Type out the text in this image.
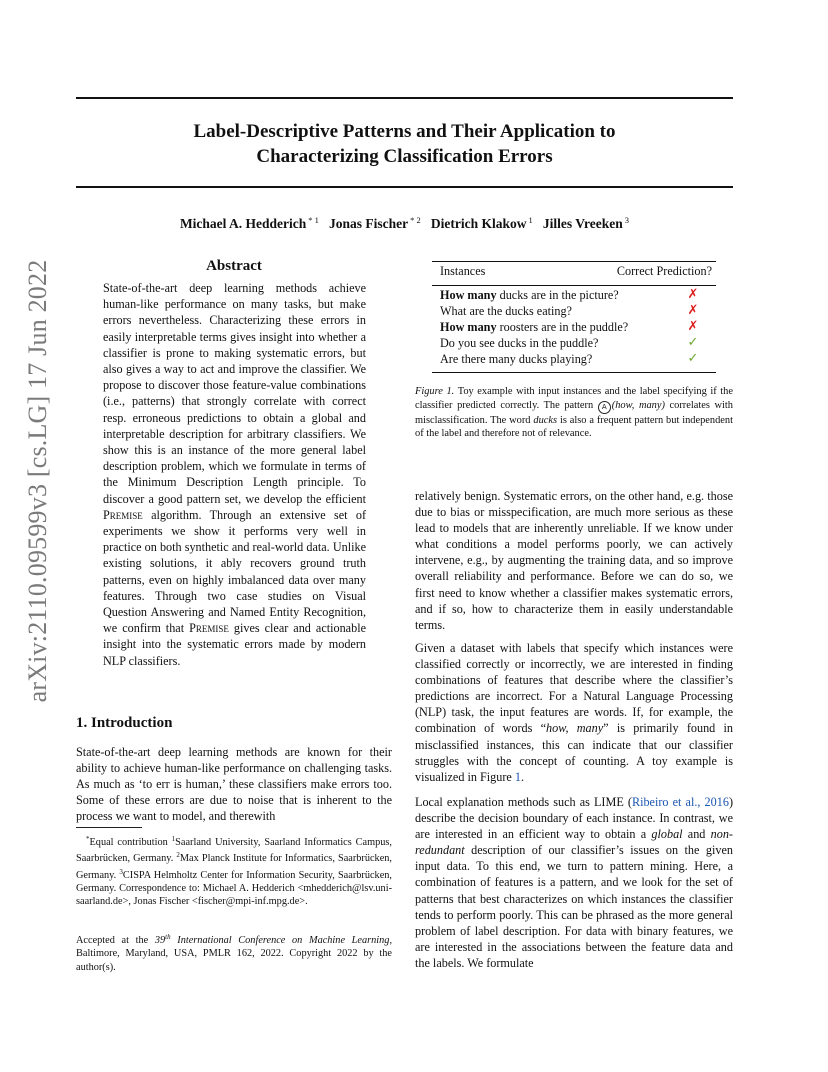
arXiv:2110.09599v3 [cs.LG] 17 Jun 2022
Label-Descriptive Patterns and Their Application to
Characterizing Classification Errors
Michael A. Hedderich $^{* 1}$ Jonas Fischer $^{* 2}$ Dietrich Klakow $^1$ Jilles Vreeken $^3$
Abstract
State-of-the-art deep learning methods achieve human-like performance on many tasks, but make errors nevertheless. Characterizing these errors in easily interpretable terms gives insight into whether a classifier is prone to making systematic errors, but also gives a way to act and improve the classifier. We propose to discover those feature-value combinations (i.e., patterns) that strongly correlate with correct resp. erroneous predictions to obtain a global and interpretable description for arbitrary classifiers. We show this is an instance of the more general label description problem, which we formulate in terms of the Minimum Description Length principle. To discover a good pattern set, we develop the efficient Premise algorithm. Through an extensive set of experiments we show it performs very well in practice on both synthetic and real-world data. Unlike existing solutions, it ably recovers ground truth patterns, even on highly imbalanced data over many features. Through two case studies on Visual Question Answering and Named Entity Recognition, we confirm that Premise gives clear and actionable insight into the systematic errors made by modern NLP classifiers.
1. Introduction
State-of-the-art deep learning methods are known for their ability to achieve human-like performance on challenging tasks. As much as ‘to err is human,’ these classifiers make errors too. Some of these errors are due to noise that is inherent to the process we want to model, and therewith
*Equal contribution $^1$Saarland University, Saarland Informatics Campus, Saarbrücken, Germany. $^2$Max Planck Institute for Informatics, Saarbrücken, Germany. $^3$CISPA Helmholtz Center for Information Security, Saarbrücken, Germany. Correspondence to: Michael A. Hedderich <mhedderich@lsv.uni-saarland.de>, Jonas Fischer <fischer@mpi-inf.mpg.de>.
Accepted at the 39th International Conference on Machine Learning, Baltimore, Maryland, USA, PMLR 162, 2022. Copyright 2022 by the author(s).
Instances	Correct Prediction?
How many ducks are in the picture?	✗
What are the ducks eating?	✗
How many roosters are in the puddle?	✗
Do you see ducks in the puddle?	✓
Are there many ducks playing?	✓
Figure 1. Toy example with input instances and the label specifying if the classifier predicted correctly. The pattern A (how, many) correlates with misclassification. The word ducks is also a frequent pattern but independent of the label and therefore not of relevance.
relatively benign. Systematic errors, on the other hand, e.g. those due to bias or misspecification, are much more serious as these lead to models that are inherently unreliable. If we know under what conditions a model performs poorly, we can actively intervene, e.g., by augmenting the training data, and so improve overall reliability and performance. Before we can do so, we first need to know whether a classifier makes systematic errors, and if so, how to characterize them in easily understandable terms.
Given a dataset with labels that specify which instances were classified correctly or incorrectly, we are interested in finding combinations of features that describe where the classifier’s predictions are incorrect. For a Natural Language Processing (NLP) task, the input features are words. If, for example, the combination of words “how, many” is primarily found in misclassified instances, this can indicate that our classifier struggles with the concept of counting. A toy example is visualized in Figure 1.
Local explanation methods such as LIME (Ribeiro et al., 2016) describe the decision boundary of each instance. In contrast, we are interested in an efficient way to obtain a global and non-redundant description of our classifier’s issues on the given input data. To this end, we turn to pattern mining. Here, a combination of features is a pattern, and we look for the set of patterns that best characterizes on which instances the classifier tends to perform poorly. This can be phrased as the more general problem of label description. For data with binary features, we are interested in the associations between the feature data and the labels. We formulate
